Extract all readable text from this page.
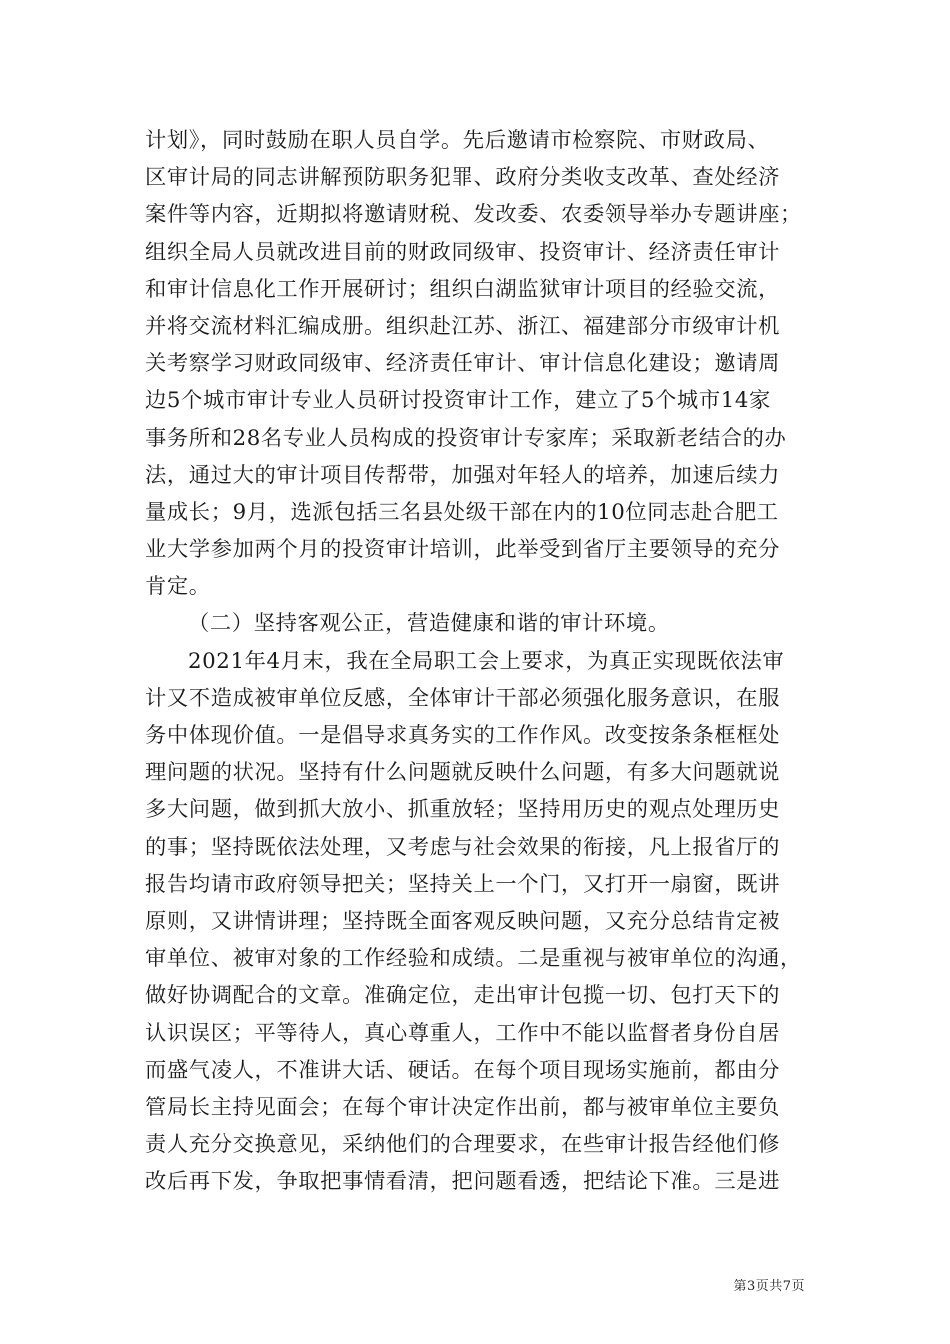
计划》，同时鼓励在职人员自学。先后邀请市检察院、市财政局、
区审计局的同志讲解预防职务犯罪、政府分类收支改革、查处经济
案件等内容，近期拟将邀请财税、发改委、农委领导举办专题讲座；
组织全局人员就改进目前的财政同级审、投资审计、经济责任审计
和审计信息化工作开展研讨；组织白湖监狱审计项目的经验交流，
并将交流材料汇编成册。组织赴江苏、浙江、福建部分市级审计机
关考察学习财政同级审、经济责任审计、审计信息化建设；邀请周
边5个城市审计专业人员研讨投资审计工作，建立了5个城市14家
事务所和28名专业人员构成的投资审计专家库；采取新老结合的办
法，通过大的审计项目传帮带，加强对年轻人的培养，加速后续力
量成长；9月，选派包括三名县处级干部在内的10位同志赴合肥工
业大学参加两个月的投资审计培训，此举受到省厅主要领导的充分
肯定。
（二）坚持客观公正，营造健康和谐的审计环境。
2021年4月末，我在全局职工会上要求，为真正实现既依法审
计又不造成被审单位反感，全体审计干部必须强化服务意识，在服
务中体现价值。一是倡导求真务实的工作作风。改变按条条框框处
理问题的状况。坚持有什么问题就反映什么问题，有多大问题就说
多大问题，做到抓大放小、抓重放轻；坚持用历史的观点处理历史
的事；坚持既依法处理，又考虑与社会效果的衔接，凡上报省厅的
报告均请市政府领导把关；坚持关上一个门，又打开一扇窗，既讲
原则，又讲情讲理；坚持既全面客观反映问题，又充分总结肯定被
审单位、被审对象的工作经验和成绩。二是重视与被审单位的沟通，
做好协调配合的文章。准确定位，走出审计包揽一切、包打天下的
认识误区；平等待人，真心尊重人，工作中不能以监督者身份自居
而盛气凌人，不准讲大话、硬话。在每个项目现场实施前，都由分
管局长主持见面会；在每个审计决定作出前，都与被审单位主要负
责人充分交换意见，采纳他们的合理要求，在些审计报告经他们修
改后再下发，争取把事情看清，把问题看透，把结论下准。三是进
第3页共7页
